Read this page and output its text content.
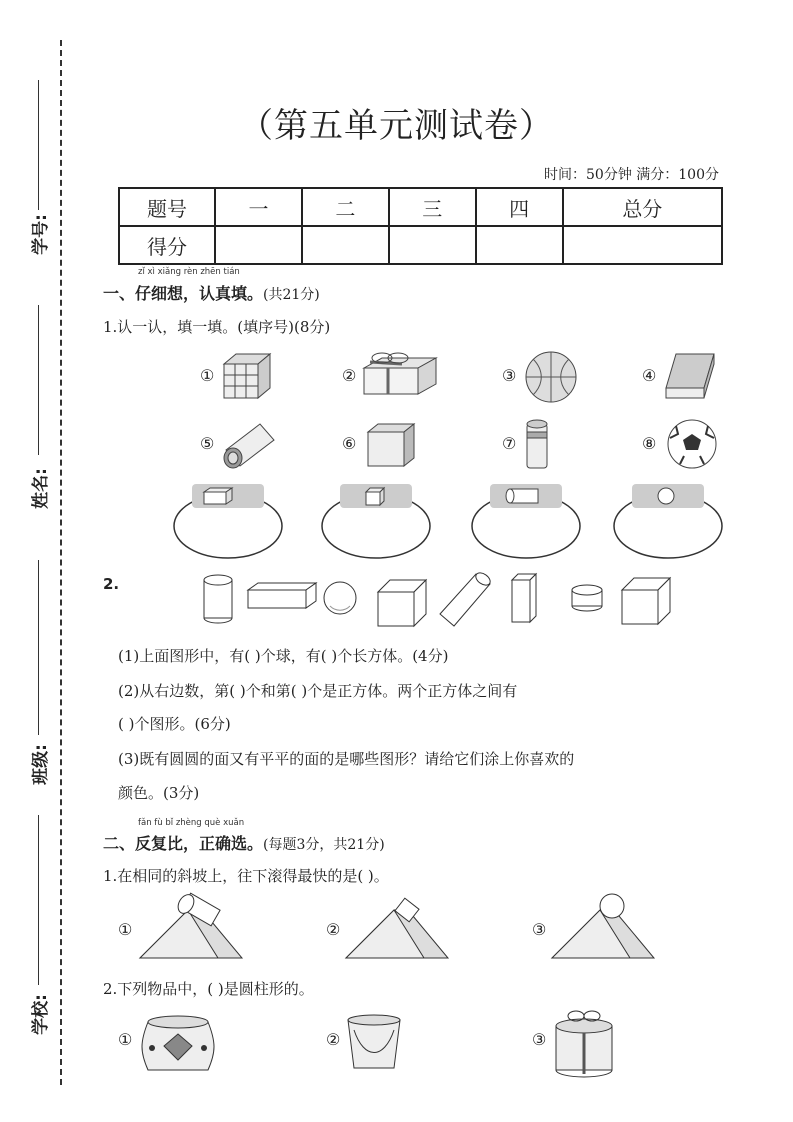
学号:
姓名:
班级:
学校:
（第五单元测试卷）
时间：50分钟 满分：100分
题号	一	二	三	四	总分
得分					
zǐ xì xiǎng rèn zhēn tián
一、仔细想，认真填。(共21分)
1.认一认，填一填。(填序号)(8分)
①	②	③	④
⑤	⑥	⑦	⑧
2.
(1)上面图形中，有( )个球，有( )个长方体。(4分)
(2)从右边数，第( )个和第( )个是正方体。两个正方体之间有
( )个图形。(6分)
(3)既有圆圆的面又有平平的面的是哪些图形？请给它们涂上你喜欢的
颜色。(3分)
fǎn fù bǐ zhèng què xuǎn
二、反复比，正确选。(每题3分，共21分)
1.在相同的斜坡上，往下滚得最快的是( )。
①	②	③
2.下列物品中，( )是圆柱形的。
①	②	③
